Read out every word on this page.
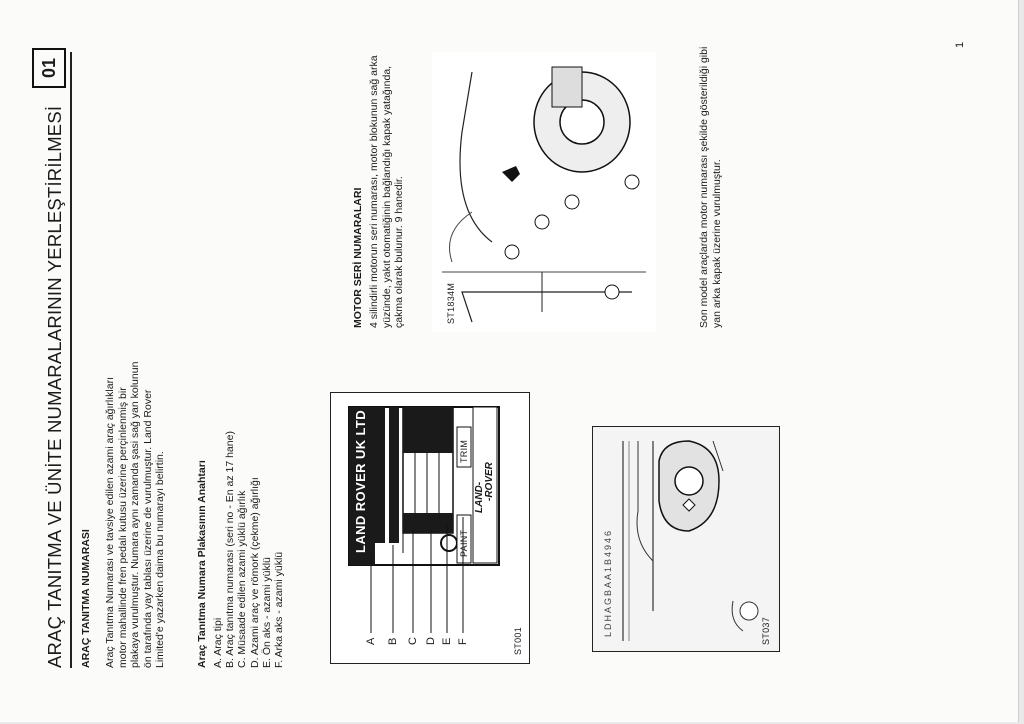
01
ARAÇ TANITMA VE ÜNİTE NUMARALARININ YERLEŞTİRİLMESİ ARAÇ TANITMA NUMARASI Araç Tanıtma Numarası ve tavsiye edilen azami araç ağırlıkları motor mahallinde fren pedalı kutusu üzerine perçinlenmiş bir plakaya vurulmuştur. Numara aynı zamanda şasi sağ yan kolunun ön tarafında yay tablası üzerine de vurulmuştur. Land Rover Limited'e yazarken daima bu numarayı belirtin.	Araç Tanıtma Numara Plakasının Anahtarı A. Araç tipi B. Araç tanıtma numarası (seri no - En az 17 hane) C. Müsaade edilen azami yüklü ağırlık D. Azami araç ve römork (çekme) ağırlığı E. Ön aks - azami yüklü F. Arka aks - azami yüklü
LAND ROVER UK LTD	PAINT
TRIM
LAND- -ROVER
A B C D E F	ST001
LDHAGBAA1B4946	ST037
ST1834M
MOTOR SERİ NUMARALARI 4 silindirli motorun seri numarası, motor blokunun sağ arka yüzünde, yakıt otomatiğinin bağlandığı kapak yatağında, çakma olarak bulunur. 9 hanedir.	Son model araçlarda motor numarası şekilde gösterildiği gibi yan arka kapak üzerine vurulmuştur.
1
